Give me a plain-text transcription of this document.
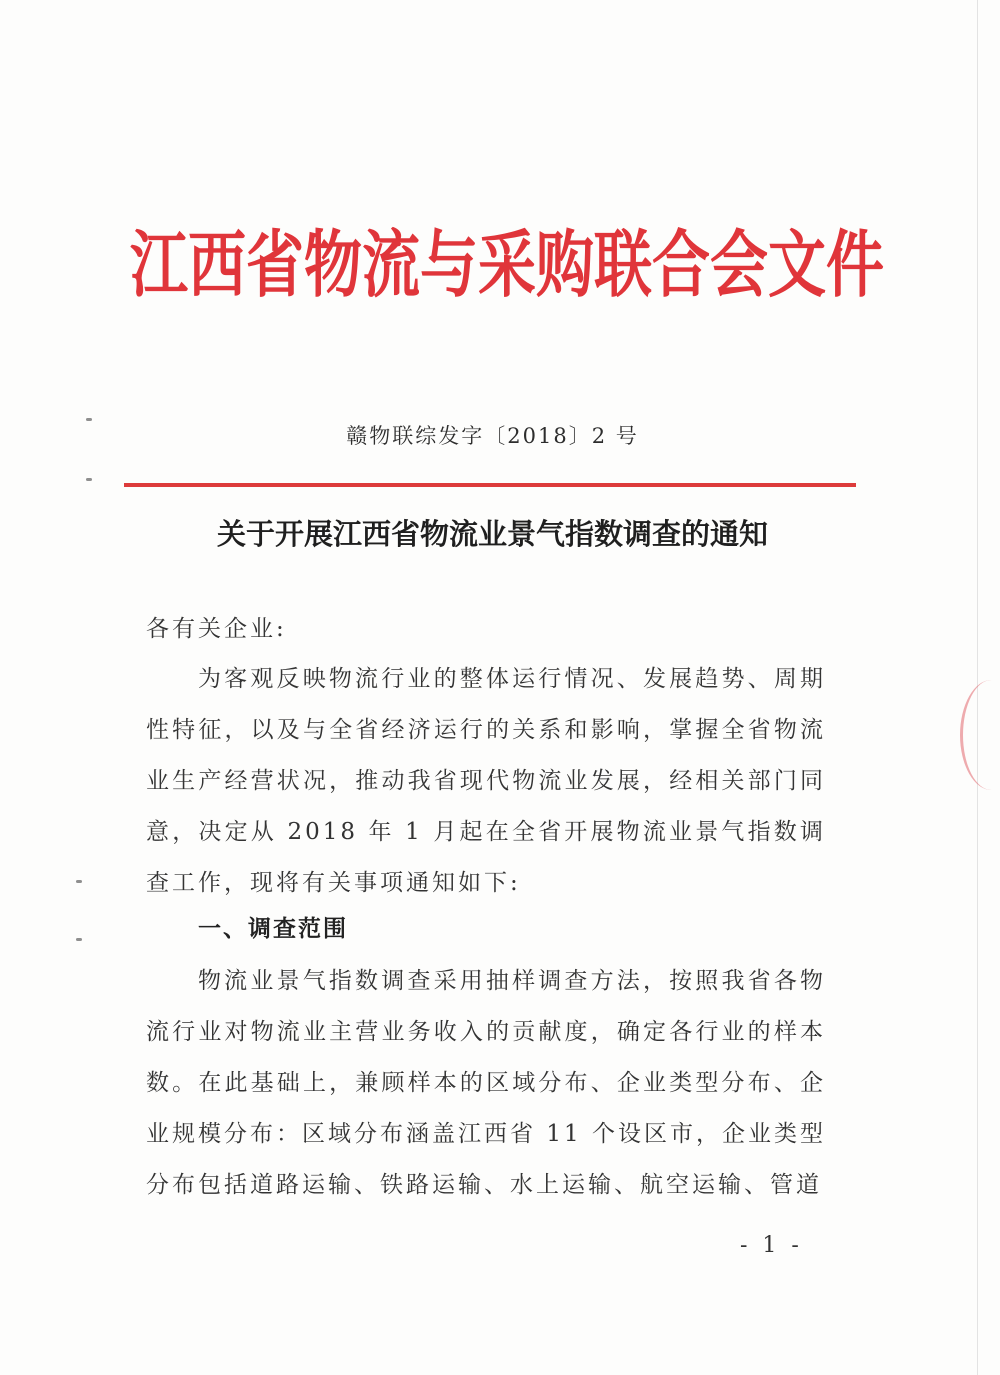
江西省物流与采购联合会文件
赣物联综发字〔2018〕2 号
关于开展江西省物流业景气指数调查的通知
各有关企业:
为客观反映物流行业的整体运行情况、发展趋势、周期性特征，以及与全省经济运行的关系和影响，掌握全省物流业生产经营状况，推动我省现代物流业发展，经相关部门同意，决定从 2018 年 1 月起在全省开展物流业景气指数调查工作，现将有关事项通知如下:
一、调查范围
物流业景气指数调查采用抽样调查方法，按照我省各物流行业对物流业主营业务收入的贡献度，确定各行业的样本数。在此基础上，兼顾样本的区域分布、企业类型分布、企业规模分布：区域分布涵盖江西省 11 个设区市，企业类型分布包括道路运输、铁路运输、水上运输、航空运输、管道
- 1 -
